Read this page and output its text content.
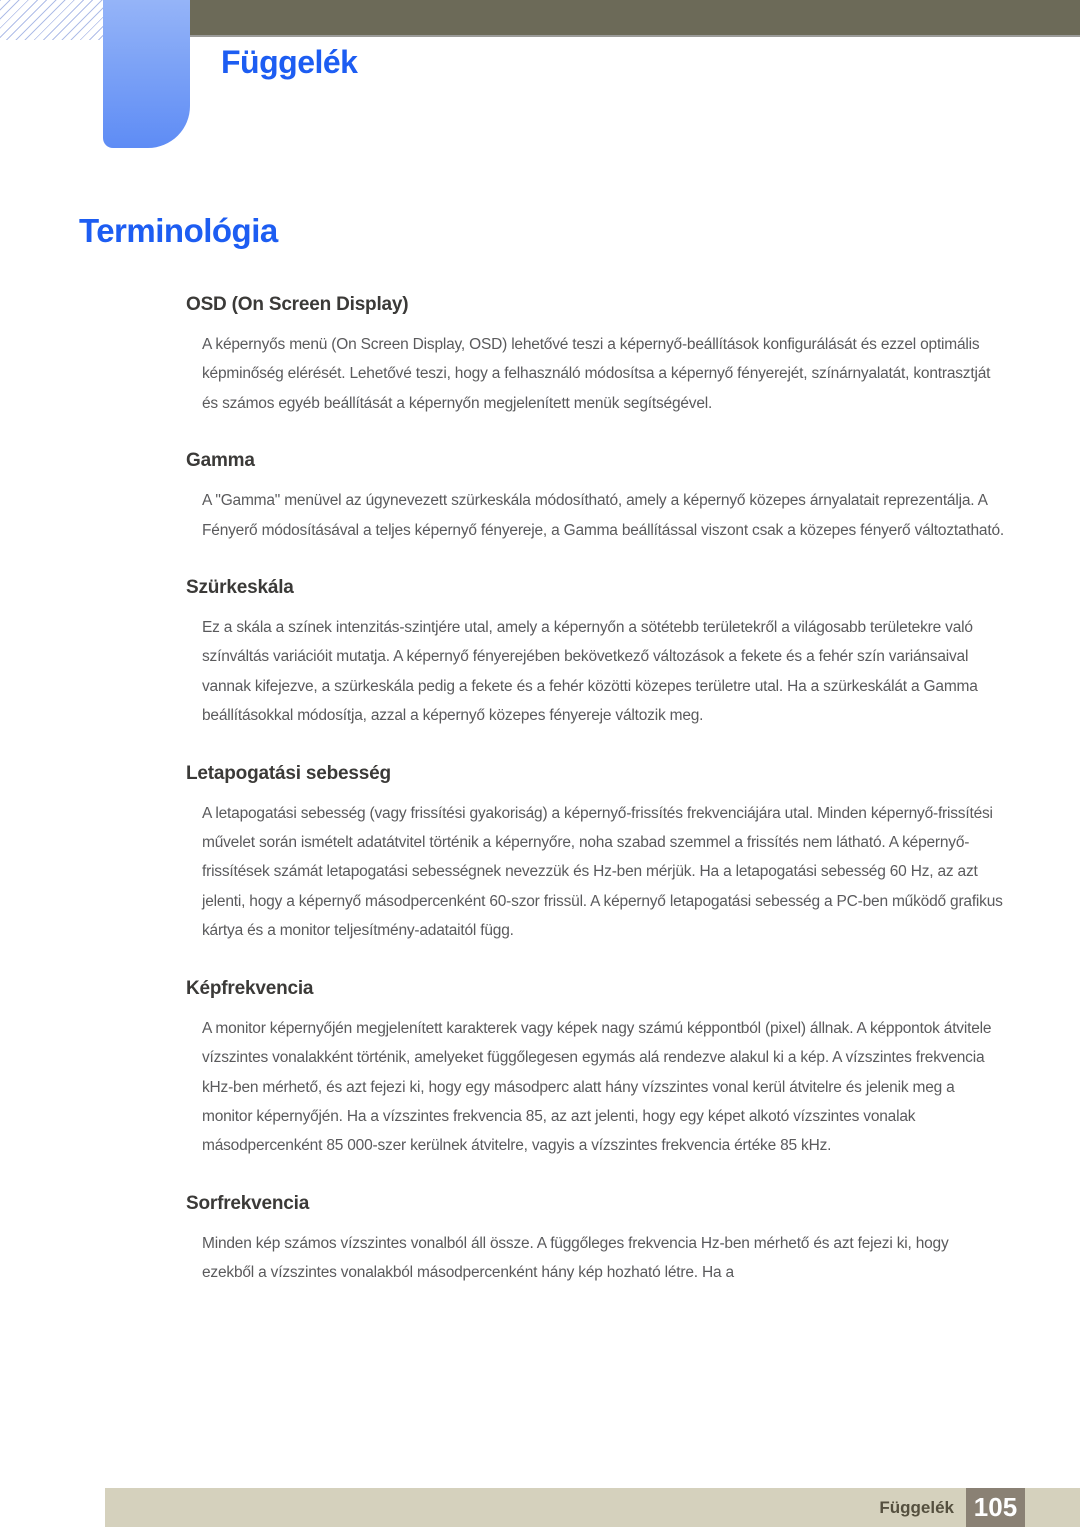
Függelék
Terminológia
OSD (On Screen Display)

A képernyős menü (On Screen Display, OSD) lehetővé teszi a képernyő-beállítások konfigurálását és ezzel optimális képminőség elérését. Lehetővé teszi, hogy a felhasználó módosítsa a képernyő fényerejét, színárnyalatát, kontrasztját és számos egyéb beállítását a képernyőn megjelenített menük segítségével.

Gamma

A "Gamma" menüvel az úgynevezett szürkeskála módosítható, amely a képernyő közepes árnyalatait reprezentálja. A Fényerő módosításával a teljes képernyő fényereje, a Gamma beállítással viszont csak a közepes fényerő változtatható.

Szürkeskála

Ez a skála a színek intenzitás-szintjére utal, amely a képernyőn a sötétebb területekről a világosabb területekre való színváltás variációit mutatja. A képernyő fényerejében bekövetkező változások a fekete és a fehér szín variánsaival vannak kifejezve, a szürkeskála pedig a fekete és a fehér közötti közepes területre utal. Ha a szürkeskálát a Gamma beállításokkal módosítja, azzal a képernyő közepes fényereje változik meg.

Letapogatási sebesség

A letapogatási sebesség (vagy frissítési gyakoriság) a képernyő-frissítés frekvenciájára utal. Minden képernyő-frissítési művelet során ismételt adatátvitel történik a képernyőre, noha szabad szemmel a frissítés nem látható. A képernyő-frissítések számát letapogatási sebességnek nevezzük és Hz-ben mérjük. Ha a letapogatási sebesség 60 Hz, az azt jelenti, hogy a képernyő másodpercenként 60-szor frissül. A képernyő letapogatási sebesség a PC-ben működő grafikus kártya és a monitor teljesítmény-adataitól függ.

Képfrekvencia

A monitor képernyőjén megjelenített karakterek vagy képek nagy számú képpontból (pixel) állnak. A képpontok átvitele vízszintes vonalakként történik, amelyeket függőlegesen egymás alá rendezve alakul ki a kép. A vízszintes frekvencia kHz-ben mérhető, és azt fejezi ki, hogy egy másodperc alatt hány vízszintes vonal kerül átvitelre és jelenik meg a monitor képernyőjén. Ha a vízszintes frekvencia 85, az azt jelenti, hogy egy képet alkotó vízszintes vonalak másodpercenként 85 000-szer kerülnek átvitelre, vagyis a vízszintes frekvencia értéke 85 kHz.

Sorfrekvencia

Minden kép számos vízszintes vonalból áll össze. A függőleges frekvencia Hz-ben mérhető és azt fejezi ki, hogy ezekből a vízszintes vonalakból másodpercenként hány kép hozható létre. Ha a

Függelék 105
